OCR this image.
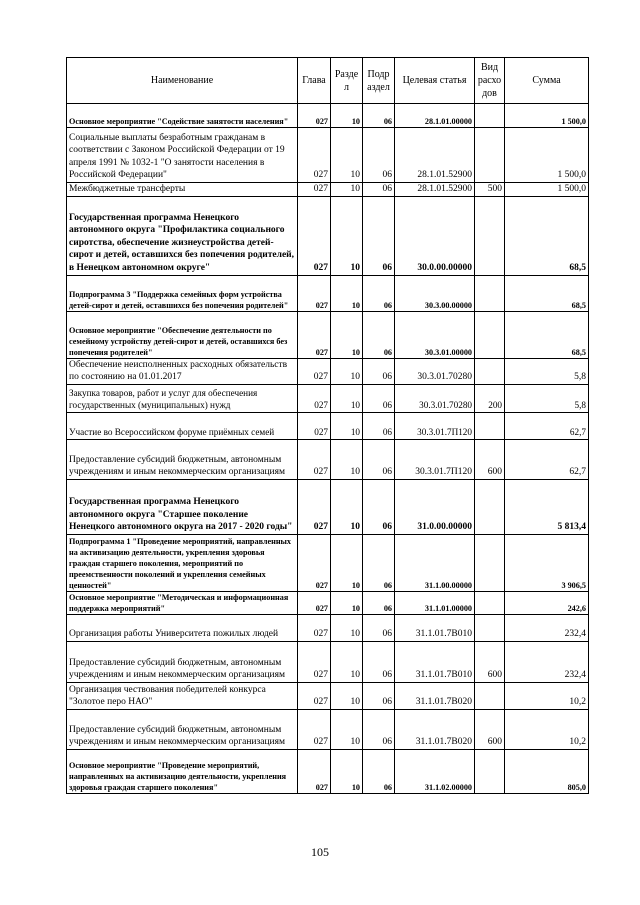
Наименование	Глава	Разде л	Подр аздел	Целевая статья	Вид расхо дов	Сумма
Основное мероприятие "Содействие занятости населения"	027	10	06	28.1.01.00000		1 500,0
Социальные выплаты безработным гражданам в соответствии с Законом Российской Федерации от 19 апреля 1991 № 1032-1 "О занятости населения в Российской Федерации"	027	10	06	28.1.01.52900		1 500,0
Межбюджетные трансферты	027	10	06	28.1.01.52900	500	1 500,0
Государственная программа Ненецкого автономного округа "Профилактика социального сиротства, обеспечение жизнеустройства детей-сирот и детей, оставшихся без попечения родителей, в Ненецком автономном округе"	027	10	06	30.0.00.00000		68,5
Подпрограмма 3 "Поддержка семейных форм устройства детей-сирот и детей, оставшихся без попечения родителей"	027	10	06	30.3.00.00000		68,5
Основное мероприятие "Обеспечение деятельности по семейному устройству детей-сирот и детей, оставшихся без попечения родителей"	027	10	06	30.3.01.00000		68,5
Обеспечение неисполненных расходных обязательств по состоянию на 01.01.2017	027	10	06	30.3.01.70280		5,8
Закупка товаров, работ и услуг для обеспечения государственных (муниципальных) нужд	027	10	06	30.3.01.70280	200	5,8
Участие во Всероссийском форуме приёмных семей	027	10	06	30.3.01.7П120		62,7
Предоставление субсидий бюджетным, автономным учреждениям и иным некоммерческим организациям	027	10	06	30.3.01.7П120	600	62,7
Государственная программа Ненецкого автономного округа "Старшее поколение Ненецкого автономного округа на 2017 - 2020 годы"	027	10	06	31.0.00.00000		5 813,4
Подпрограмма 1 "Проведение мероприятий, направленных на активизацию деятельности, укрепления здоровья граждан старшего поколения, мероприятий по преемственности поколений и укрепления семейных ценностей"	027	10	06	31.1.00.00000		3 906,5
Основное мероприятие "Методическая и информационная поддержка мероприятий"	027	10	06	31.1.01.00000		242,6
Организация работы Университета пожилых людей	027	10	06	31.1.01.7В010		232,4
Предоставление субсидий бюджетным, автономным учреждениям и иным некоммерческим организациям	027	10	06	31.1.01.7В010	600	232,4
Организация чествования победителей конкурса "Золотое перо НАО"	027	10	06	31.1.01.7В020		10,2
Предоставление субсидий бюджетным, автономным учреждениям и иным некоммерческим организациям	027	10	06	31.1.01.7В020	600	10,2
Основное мероприятие "Проведение мероприятий, направленных на активизацию деятельности, укрепления здоровья граждан старшего поколения"	027	10	06	31.1.02.00000		805,0
105
